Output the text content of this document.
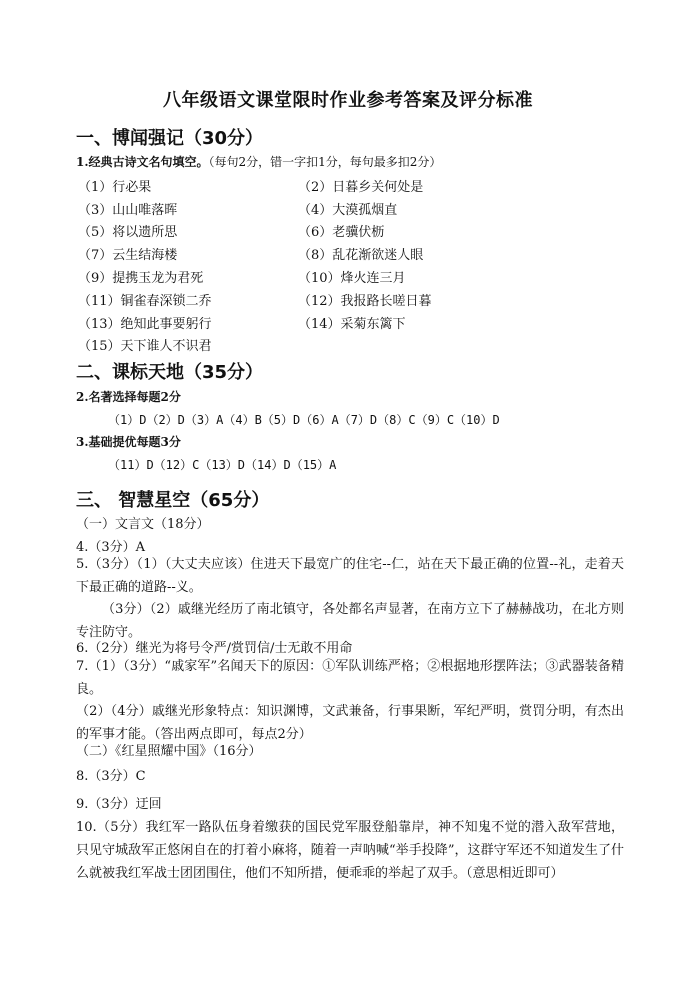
八年级语文课堂限时作业参考答案及评分标准
一、博闻强记（30分）
1.经典古诗文名句填空。（每句2分，错一字扣1分，每句最多扣2分）
（1）行必果	（2）日暮乡关何处是
（3）山山唯落晖	（4）大漠孤烟直
（5）将以遗所思	（6）老骥伏枥
（7）云生结海楼	（8）乱花渐欲迷人眼
（9）提携玉龙为君死	（10）烽火连三月
（11）铜雀春深锁二乔	（12）我报路长嗟日暮
（13）绝知此事要躬行	（14）采菊东篱下
（15）天下谁人不识君
二、课标天地（35分）
2.名著选择每题2分
（1）D（2）D（3）A（4）B（5）D（6）A（7）D（8）C（9）C（10）D
3.基础提优每题3分
（11）D（12）C（13）D（14）D（15）A
三、 智慧星空（65分）
（一）文言文（18分）
4.（3分）A
5.（3分）（1）（大丈夫应该）住进天下最宽广的住宅--仁，站在天下最正确的位置--礼，走着天下最正确的道路--义。
（3分）（2）戚继光经历了南北镇守，各处都名声显著，在南方立下了赫赫战功，在北方则专注防守。
6.（2分）继光为将号令严/赏罚信/士无敢不用命
7.（1）（3分）“戚家军”名闻天下的原因：①军队训练严格；②根据地形摆阵法；③武器装备精良。
（2）（4分）戚继光形象特点：知识渊博，文武兼备，行事果断，军纪严明，赏罚分明，有杰出的军事才能。（答出两点即可，每点2分）
（二）《红星照耀中国》（16分）
8.（3分）C
9.（3分）迂回
10.（5分）我红军一路队伍身着缴获的国民党军服登船靠岸，神不知鬼不觉的潜入敌军营地，只见守城敌军正悠闲自在的打着小麻将，随着一声呐喊“举手投降”，这群守军还不知道发生了什么就被我红军战士团团围住，他们不知所措，便乖乖的举起了双手。（意思相近即可）
